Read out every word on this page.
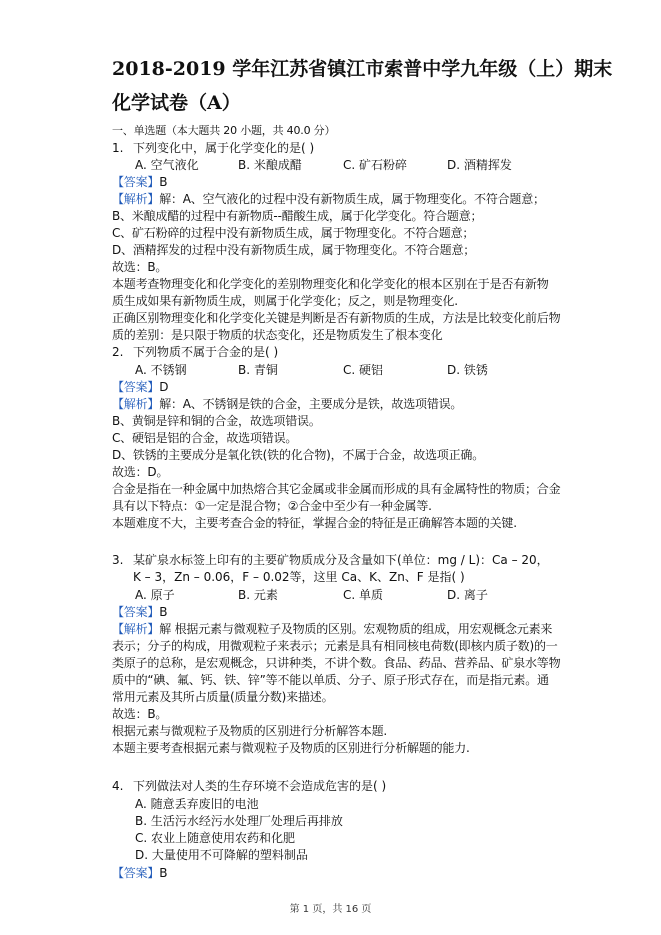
2018-2019 学年江苏省镇江市索普中学九年级（上）期末
化学试卷（A）
一、单选题（本大题共 20 小题，共 40.0 分）
1. 下列变化中，属于化学变化的是( )
A. 空气液化	B. 米酿成醋	C. 矿石粉碎	D. 酒精挥发
【答案】B
【解析】解：A、空气液化的过程中没有新物质生成，属于物理变化。不符合题意；
B、米酿成醋的过程中有新物质--醋酸生成，属于化学变化。符合题意；
C、矿石粉碎的过程中没有新物质生成，属于物理变化。不符合题意；
D、酒精挥发的过程中没有新物质生成，属于物理变化。不符合题意；
故选：B。
本题考查物理变化和化学变化的差别物理变化和化学变化的根本区别在于是否有新物
质生成如果有新物质生成，则属于化学变化；反之，则是物理变化.
正确区别物理变化和化学变化关键是判断是否有新物质的生成，方法是比较变化前后物
质的差别：是只限于物质的状态变化，还是物质发生了根本变化
2. 下列物质不属于合金的是( )
A. 不锈钢	B. 青铜	C. 硬铝	D. 铁锈
【答案】D
【解析】解：A、不锈钢是铁的合金，主要成分是铁，故选项错误。
B、黄铜是锌和铜的合金，故选项错误。
C、硬铝是铝的合金，故选项错误。
D、铁锈的主要成分是氧化铁(铁的化合物)，不属于合金，故选项正确。
故选：D。
合金是指在一种金属中加热熔合其它金属或非金属而形成的具有金属特性的物质；合金
具有以下特点：①一定是混合物；②合金中至少有一种金属等.
本题难度不大，主要考查合金的特征，掌握合金的特征是正确解答本题的关键.
3. 某矿泉水标签上印有的主要矿物质成分及含量如下(单位：mg / L)：Ca – 20，
K – 3，Zn – 0.06，F – 0.02等，这里 Ca、K、Zn、F 是指( )
A. 原子	B. 元素	C. 单质	D. 离子
【答案】B
【解析】解 根据元素与微观粒子及物质的区别。宏观物质的组成，用宏观概念元素来
表示；分子的构成，用微观粒子来表示；元素是具有相同核电荷数(即核内质子数)的一
类原子的总称，是宏观概念，只讲种类，不讲个数。食品、药品、营养品、矿泉水等物
质中的“碘、氟、钙、铁、锌”等不能以单质、分子、原子形式存在，而是指元素。通
常用元素及其所占质量(质量分数)来描述。
故选：B。
根据元素与微观粒子及物质的区别进行分析解答本题.
本题主要考查根据元素与微观粒子及物质的区别进行分析解题的能力.
4. 下列做法对人类的生存环境不会造成危害的是( )
A. 随意丢弃废旧的电池
B. 生活污水经污水处理厂处理后再排放
C. 农业上随意使用农药和化肥
D. 大量使用不可降解的塑料制品
【答案】B
第 1 页，共 16 页
